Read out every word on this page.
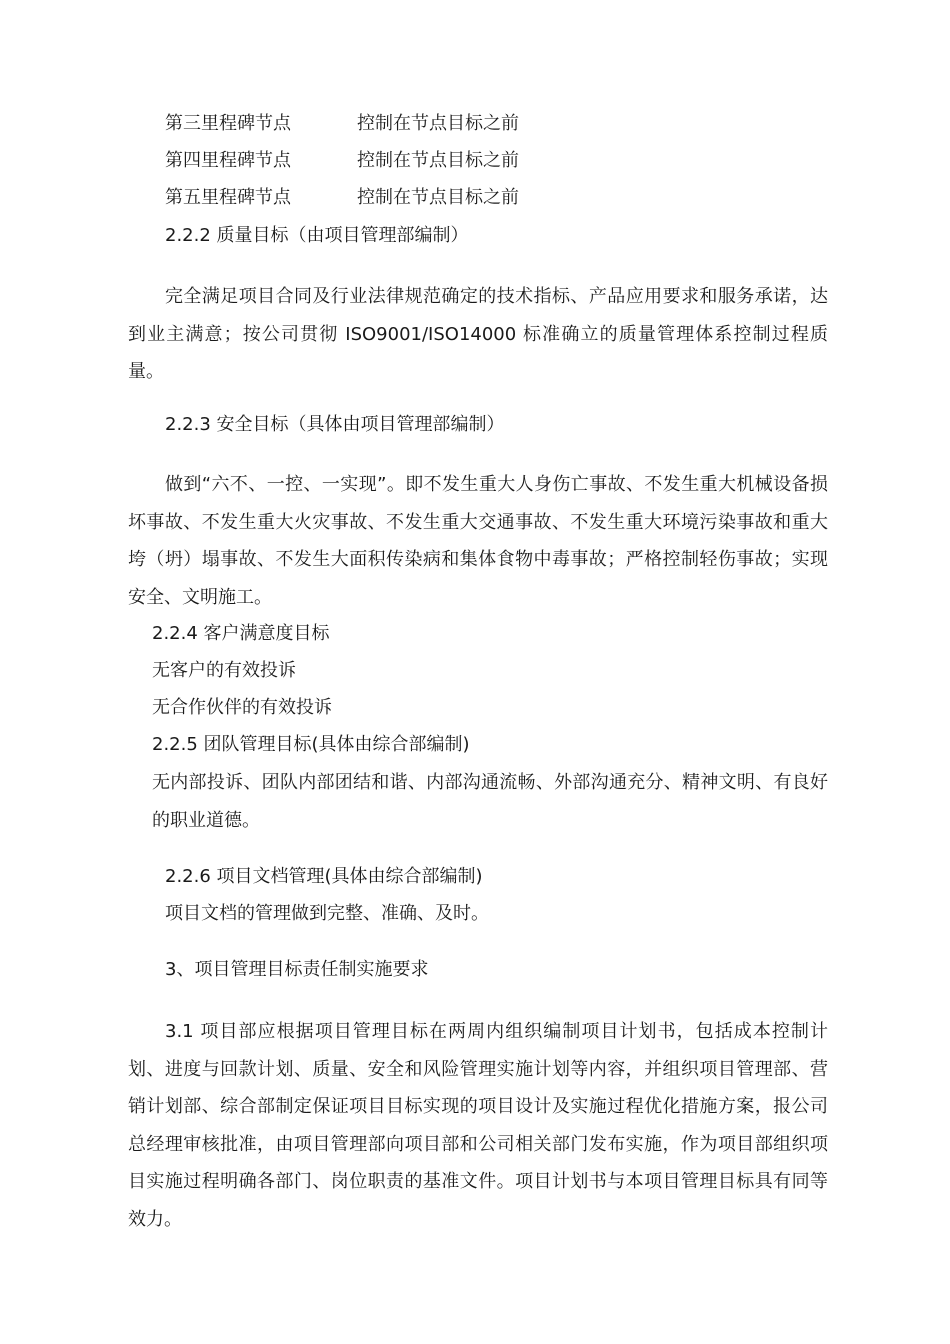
第三里程碑节点	控制在节点目标之前
第四里程碑节点	控制在节点目标之前
第五里程碑节点	控制在节点目标之前
2.2.2 质量目标（由项目管理部编制）
完全满足项目合同及行业法律规范确定的技术指标、产品应用要求和服务承诺，达到业主满意；按公司贯彻 ISO9001/ISO14000 标准确立的质量管理体系控制过程质量。
2.2.3 安全目标（具体由项目管理部编制）
做到“六不、一控、一实现”。即不发生重大人身伤亡事故、不发生重大机械设备损坏事故、不发生重大火灾事故、不发生重大交通事故、不发生重大环境污染事故和重大垮（坍）塌事故、不发生大面积传染病和集体食物中毒事故；严格控制轻伤事故；实现安全、文明施工。
2.2.4 客户满意度目标
无客户的有效投诉
无合作伙伴的有效投诉
2.2.5 团队管理目标(具体由综合部编制)
无内部投诉、团队内部团结和谐、内部沟通流畅、外部沟通充分、精神文明、有良好的职业道德。
2.2.6 项目文档管理(具体由综合部编制)
项目文档的管理做到完整、准确、及时。
3、项目管理目标责任制实施要求
3.1 项目部应根据项目管理目标在两周内组织编制项目计划书，包括成本控制计划、进度与回款计划、质量、安全和风险管理实施计划等内容，并组织项目管理部、营销计划部、综合部制定保证项目目标实现的项目设计及实施过程优化措施方案，报公司总经理审核批准，由项目管理部向项目部和公司相关部门发布实施，作为项目部组织项目实施过程明确各部门、岗位职责的基准文件。项目计划书与本项目管理目标具有同等效力。
